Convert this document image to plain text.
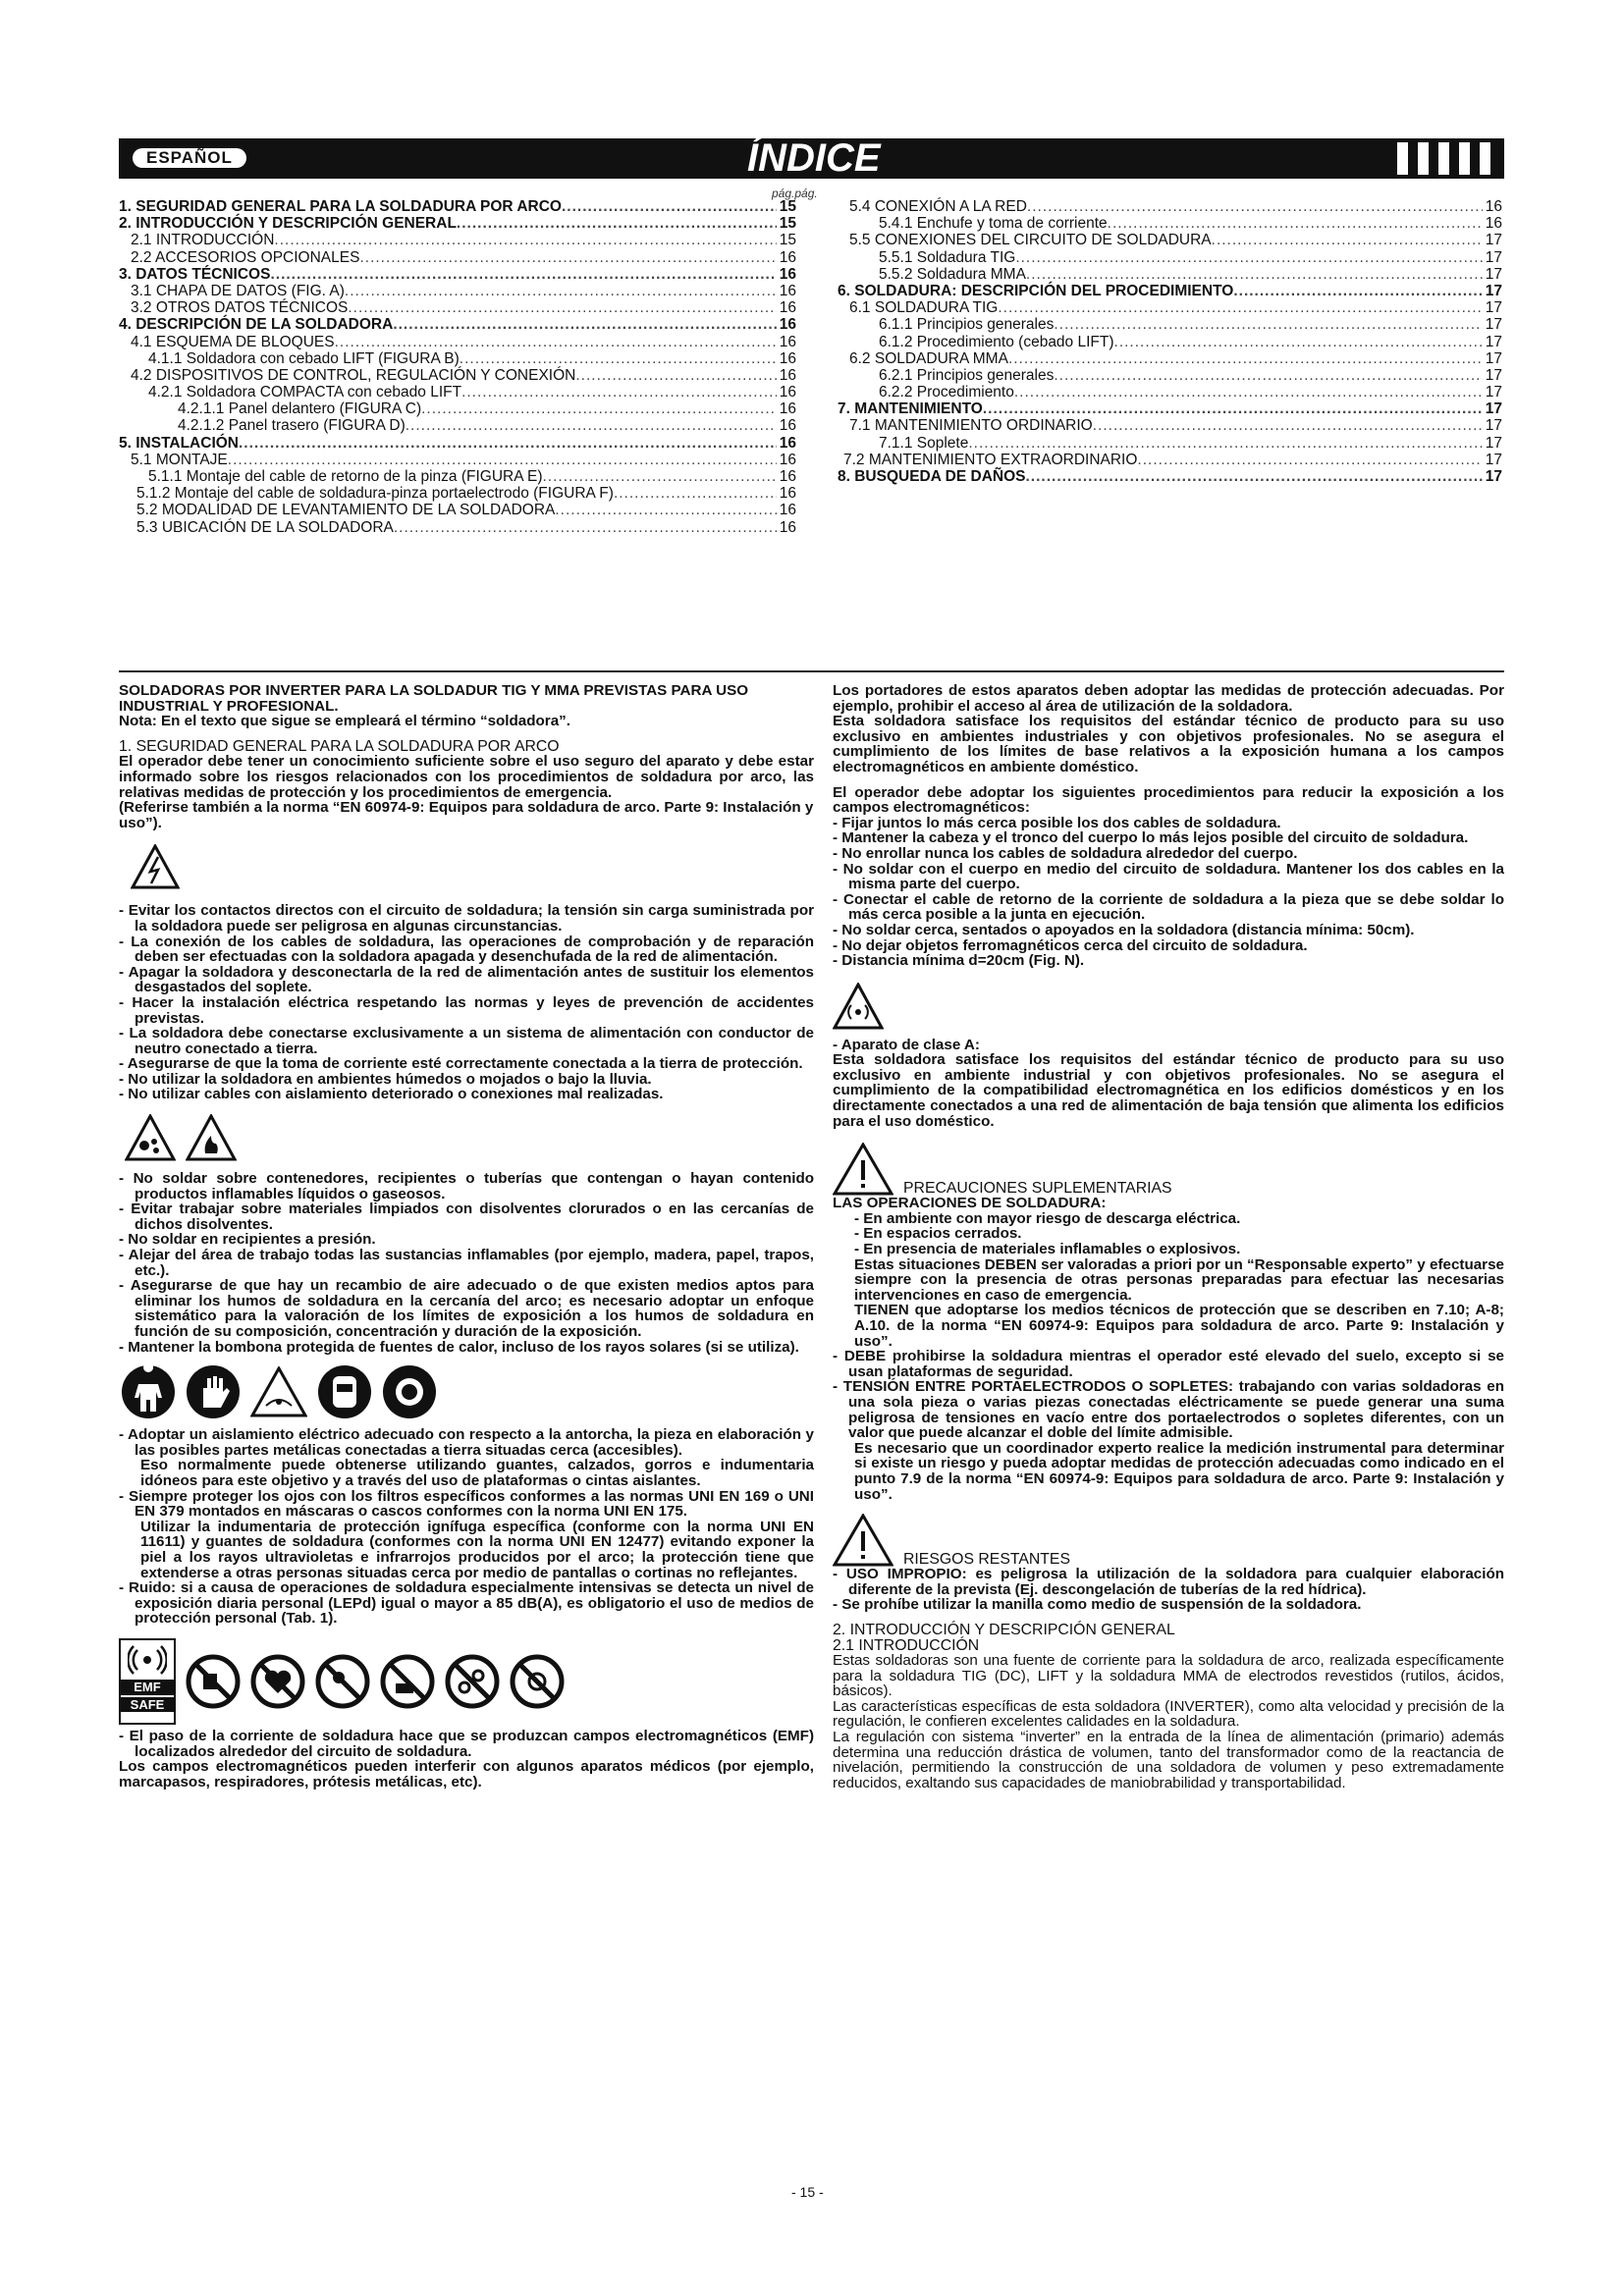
ESPAÑOL	ÍNDICE
pág.pág.
1. SEGURIDAD GENERAL PARA LA SOLDADURA POR ARCO .....	15
2. INTRODUCCIÓN Y DESCRIPCIÓN GENERAL .....	15
2.1 INTRODUCCIÓN .....	15
2.2 ACCESORIOS OPCIONALES .....	16
3. DATOS TÉCNICOS .....	16
3.1 CHAPA DE DATOS (FIG. A) .....	16
3.2 OTROS DATOS TÉCNICOS .....	16
4. DESCRIPCIÓN DE LA SOLDADORA .....	16
4.1 ESQUEMA DE BLOQUES .....	16
4.1.1 Soldadora con cebado LIFT (FIGURA B) .....	16
4.2 DISPOSITIVOS DE CONTROL, REGULACIÓN Y CONEXIÓN .....	16
4.2.1 Soldadora COMPACTA con cebado LIFT .....	16
4.2.1.1 Panel delantero (FIGURA C) .....	16
4.2.1.2 Panel trasero (FIGURA D) .....	16
5. INSTALACIÓN .....	16
5.1 MONTAJE .....	16
5.1.1 Montaje del cable de retorno de la pinza (FIGURA E) .....	16
5.1.2 Montaje del cable de soldadura-pinza portaelectrodo (FIGURA F) .....	16
5.2 MODALIDAD DE LEVANTAMIENTO DE LA SOLDADORA .....	16
5.3 UBICACIÓN DE LA SOLDADORA .....	16
5.4 CONEXIÓN A LA RED .....	16
5.4.1 Enchufe y toma de corriente .....	16
5.5 CONEXIONES DEL CIRCUITO DE SOLDADURA .....	17
5.5.1 Soldadura TIG .....	17
5.5.2 Soldadura MMA .....	17
6. SOLDADURA: DESCRIPCIÓN DEL PROCEDIMIENTO .....	17
6.1 SOLDADURA TIG .....	17
6.1.1 Principios generales .....	17
6.1.2 Procedimiento (cebado LIFT) .....	17
6.2 SOLDADURA MMA .....	17
6.2.1 Principios generales .....	17
6.2.2 Procedimiento .....	17
7. MANTENIMIENTO .....	17
7.1 MANTENIMIENTO ORDINARIO .....	17
7.1.1 Soplete .....	17
7.2 MANTENIMIENTO EXTRAORDINARIO .....	17
8. BUSQUEDA DE DAÑOS .....	17

SOLDADORAS POR INVERTER PARA LA SOLDADUR TIG Y MMA PREVISTAS PARA USO INDUSTRIAL Y PROFESIONAL.

Nota: En el texto que sigue se empleará el término “soldadora”.

1. SEGURIDAD GENERAL PARA LA SOLDADURA POR ARCO

El operador debe tener un conocimiento suficiente sobre el uso seguro del aparato y debe estar informado sobre los riesgos relacionados con los procedimientos de soldadura por arco, las relativas medidas de protección y los procedimientos de emergencia.

(Referirse también a la norma “EN 60974-9: Equipos para soldadura de arco. Parte 9: Instalación y uso”).

- Evitar los contactos directos con el circuito de soldadura; la tensión sin carga suministrada por la soldadora puede ser peligrosa en algunas circunstancias.

- La conexión de los cables de soldadura, las operaciones de comprobación y de reparación deben ser efectuadas con la soldadora apagada y desenchufada de la red de alimentación.

- Apagar la soldadora y desconectarla de la red de alimentación antes de sustituir los elementos desgastados del soplete.

- Hacer la instalación eléctrica respetando las normas y leyes de prevención de accidentes previstas.

- La soldadora debe conectarse exclusivamente a un sistema de alimentación con conductor de neutro conectado a tierra.

- Asegurarse de que la toma de corriente esté correctamente conectada a la tierra de protección.

- No utilizar la soldadora en ambientes húmedos o mojados o bajo la lluvia.

- No utilizar cables con aislamiento deteriorado o conexiones mal realizadas.

- No soldar sobre contenedores, recipientes o tuberías que contengan o hayan contenido productos inflamables líquidos o gaseosos.

- Evitar trabajar sobre materiales limpiados con disolventes clorurados o en las cercanías de dichos disolventes.

- No soldar en recipientes a presión.

- Alejar del área de trabajo todas las sustancias inflamables (por ejemplo, madera, papel, trapos, etc.).

- Asegurarse de que hay un recambio de aire adecuado o de que existen medios aptos para eliminar los humos de soldadura en la cercanía del arco; es necesario adoptar un enfoque sistemático para la valoración de los límites de exposición a los humos de soldadura en función de su composición, concentración y duración de la exposición.

- Mantener la bombona protegida de fuentes de calor, incluso de los rayos solares (si se utiliza).

- Adoptar un aislamiento eléctrico adecuado con respecto a la antorcha, la pieza en elaboración y las posibles partes metálicas conectadas a tierra situadas cerca (accesibles).

Eso normalmente puede obtenerse utilizando guantes, calzados, gorros e indumentaria idóneos para este objetivo y a través del uso de plataformas o cintas aislantes.

- Siempre proteger los ojos con los filtros específicos conformes a las normas UNI EN 169 o UNI EN 379 montados en máscaras o cascos conformes con la norma UNI EN 175.

Utilizar la indumentaria de protección ignífuga específica (conforme con la norma UNI EN 11611) y guantes de soldadura (conformes con la norma UNI EN 12477) evitando exponer la piel a los rayos ultravioletas e infrarrojos producidos por el arco; la protección tiene que extenderse a otras personas situadas cerca por medio de pantallas o cortinas no reflejantes.

- Ruido: si a causa de operaciones de soldadura especialmente intensivas se detecta un nivel de exposición diaria personal (LEPd) igual o mayor a 85 dB(A), es obligatorio el uso de medios de protección personal (Tab. 1).

EMF
SAFE

- El paso de la corriente de soldadura hace que se produzcan campos electromagnéticos (EMF) localizados alrededor del circuito de soldadura.

Los campos electromagnéticos pueden interferir con algunos aparatos médicos (por ejemplo, marcapasos, respiradores, prótesis metálicas, etc).

Los portadores de estos aparatos deben adoptar las medidas de protección adecuadas. Por ejemplo, prohibir el acceso al área de utilización de la soldadora.

Esta soldadora satisface los requisitos del estándar técnico de producto para su uso exclusivo en ambientes industriales y con objetivos profesionales. No se asegura el cumplimiento de los límites de base relativos a la exposición humana a los campos electromagnéticos en ambiente doméstico.

El operador debe adoptar los siguientes procedimientos para reducir la exposición a los campos electromagnéticos:

- Fijar juntos lo más cerca posible los dos cables de soldadura.

- Mantener la cabeza y el tronco del cuerpo lo más lejos posible del circuito de soldadura.

- No enrollar nunca los cables de soldadura alrededor del cuerpo.

- No soldar con el cuerpo en medio del circuito de soldadura. Mantener los dos cables en la misma parte del cuerpo.

- Conectar el cable de retorno de la corriente de soldadura a la pieza que se debe soldar lo más cerca posible a la junta en ejecución.

- No soldar cerca, sentados o apoyados en la soldadora (distancia mínima: 50cm).

- No dejar objetos ferromagnéticos cerca del circuito de soldadura.

- Distancia mínima d=20cm (Fig. N).

- Aparato de clase A:

Esta soldadora satisface los requisitos del estándar técnico de producto para su uso exclusivo en ambiente industrial y con objetivos profesionales. No se asegura el cumplimiento de la compatibilidad electromagnética en los edificios domésticos y en los directamente conectados a una red de alimentación de baja tensión que alimenta los edificios para el uso doméstico.

PRECAUCIONES SUPLEMENTARIAS

LAS OPERACIONES DE SOLDADURA:

- En ambiente con mayor riesgo de descarga eléctrica.

- En espacios cerrados.

- En presencia de materiales inflamables o explosivos.

Estas situaciones DEBEN ser valoradas a priori por un “Responsable experto” y efectuarse siempre con la presencia de otras personas preparadas para efectuar las necesarias intervenciones en caso de emergencia.

TIENEN que adoptarse los medios técnicos de protección que se describen en 7.10; A-8; A.10. de la norma “EN 60974-9: Equipos para soldadura de arco. Parte 9: Instalación y uso”.

- DEBE prohibirse la soldadura mientras el operador esté elevado del suelo, excepto si se usan plataformas de seguridad.

- TENSIÓN ENTRE PORTAELECTRODOS O SOPLETES: trabajando con varias soldadoras en una sola pieza o varias piezas conectadas eléctricamente se puede generar una suma peligrosa de tensiones en vacío entre dos portaelectrodos o sopletes diferentes, con un valor que puede alcanzar el doble del límite admisible.

Es necesario que un coordinador experto realice la medición instrumental para determinar si existe un riesgo y pueda adoptar medidas de protección adecuadas como indicado en el punto 7.9 de la norma “EN 60974-9: Equipos para soldadura de arco. Parte 9: Instalación y uso”.

RIESGOS RESTANTES

- USO IMPROPIO: es peligrosa la utilización de la soldadora para cualquier elaboración diferente de la prevista (Ej. descongelación de tuberías de la red hídrica).

- Se prohíbe utilizar la manilla como medio de suspensión de la soldadora.

2. INTRODUCCIÓN Y DESCRIPCIÓN GENERAL

2.1 INTRODUCCIÓN

Estas soldadoras son una fuente de corriente para la soldadura de arco, realizada específicamente para la soldadura TIG (DC), LIFT y la soldadura MMA de electrodos revestidos (rutilos, ácidos, básicos).

Las características específicas de esta soldadora (INVERTER), como alta velocidad y precisión de la regulación, le confieren excelentes calidades en la soldadura.

La regulación con sistema “inverter” en la entrada de la línea de alimentación (primario) además determina una reducción drástica de volumen, tanto del transformador como de la reactancia de nivelación, permitiendo la construcción de una soldadora de volumen y peso extremadamente reducidos, exaltando sus capacidades de maniobrabilidad y transportabilidad.

- 15 -
